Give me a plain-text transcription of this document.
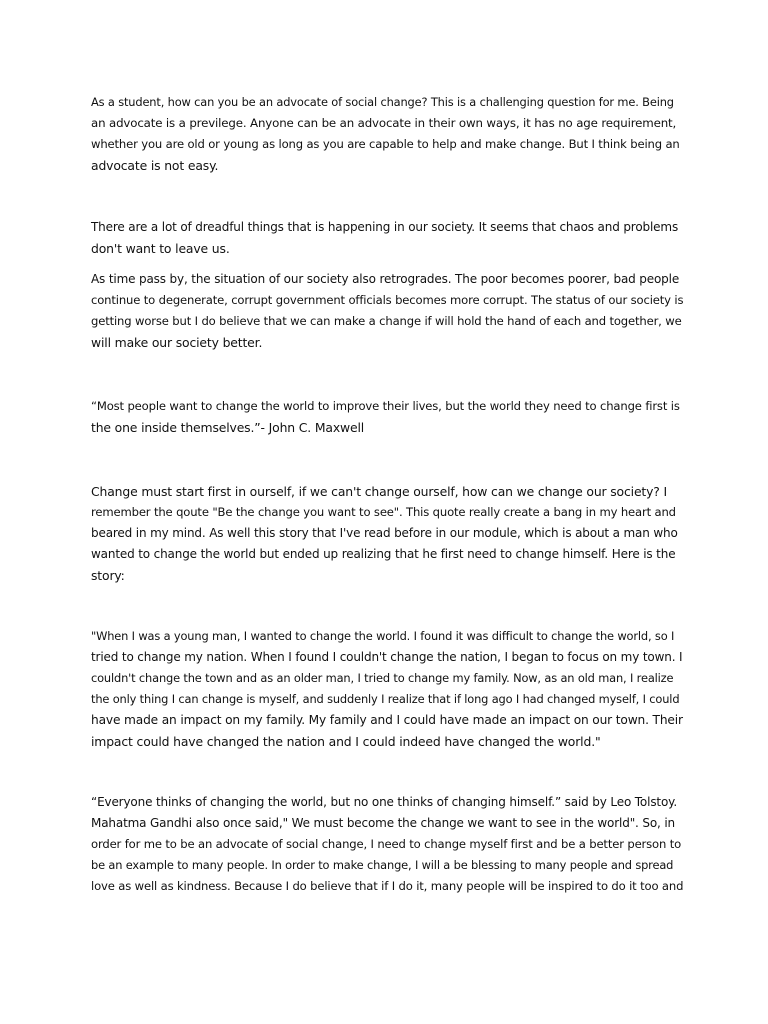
As a student, how can you be an advocate of social change? This is a challenging question for me. Being
an advocate is a previlege. Anyone can be an advocate in their own ways, it has no age requirement,
whether you are old or young as long as you are capable to help and make change. But I think being an
advocate is not easy.

There are a lot of dreadful things that is happening in our society. It seems that chaos and problems
don't want to leave us.

As time pass by, the situation of our society also retrogrades. The poor becomes poorer, bad people
continue to degenerate, corrupt government officials becomes more corrupt. The status of our society is
getting worse but I do believe that we can make a change if will hold the hand of each and together, we
will make our society better.

“Most people want to change the world to improve their lives, but the world they need to change first is
the one inside themselves.”- John C. Maxwell

Change must start first in ourself, if we can't change ourself, how can we change our society? I
remember the qoute "Be the change you want to see". This quote really create a bang in my heart and
beared in my mind. As well this story that I've read before in our module, which is about a man who
wanted to change the world but ended up realizing that he first need to change himself. Here is the
story:

"When I was a young man, I wanted to change the world. I found it was difficult to change the world, so I
tried to change my nation. When I found I couldn't change the nation, I began to focus on my town. I
couldn't change the town and as an older man, I tried to change my family. Now, as an old man, I realize
the only thing I can change is myself, and suddenly I realize that if long ago I had changed myself, I could
have made an impact on my family. My family and I could have made an impact on our town. Their
impact could have changed the nation and I could indeed have changed the world."

“Everyone thinks of changing the world, but no one thinks of changing himself.” said by Leo Tolstoy.
Mahatma Gandhi also once said," We must become the change we want to see in the world". So, in
order for me to be an advocate of social change, I need to change myself first and be a better person to
be an example to many people. In order to make change, I will a be blessing to many people and spread
love as well as kindness. Because I do believe that if I do it, many people will be inspired to do it too and
